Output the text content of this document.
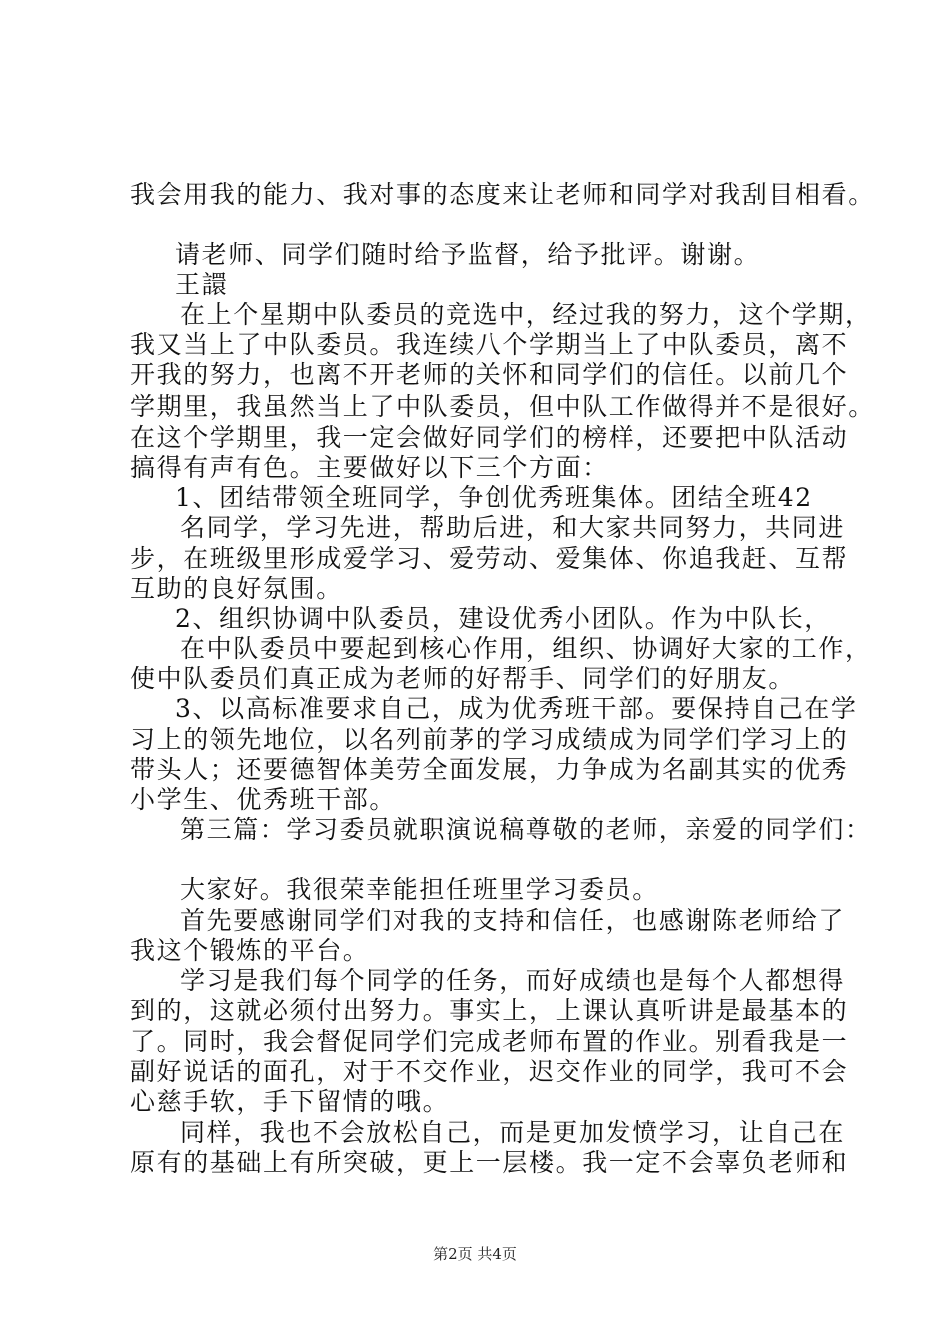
我会用我的能力、我对事的态度来让老师和同学对我刮目相看。
请老师、同学们随时给予监督，给予批评。谢谢。
王譞
在上个星期中队委员的竞选中，经过我的努力，这个学期，
我又当上了中队委员。我连续八个学期当上了中队委员，离不
开我的努力，也离不开老师的关怀和同学们的信任。以前几个
学期里，我虽然当上了中队委员，但中队工作做得并不是很好。
在这个学期里，我一定会做好同学们的榜样，还要把中队活动
搞得有声有色。主要做好以下三个方面：
1、团结带领全班同学，争创优秀班集体。团结全班42
名同学，学习先进，帮助后进，和大家共同努力，共同进
步，在班级里形成爱学习、爱劳动、爱集体、你追我赶、互帮
互助的良好氛围。
2、组织协调中队委员，建设优秀小团队。作为中队长，
在中队委员中要起到核心作用，组织、协调好大家的工作，
使中队委员们真正成为老师的好帮手、同学们的好朋友。
3、以高标准要求自己，成为优秀班干部。要保持自己在学
习上的领先地位，以名列前茅的学习成绩成为同学们学习上的
带头人；还要德智体美劳全面发展，力争成为名副其实的优秀
小学生、优秀班干部。
第三篇：学习委员就职演说稿尊敬的老师，亲爱的同学们：
大家好。我很荣幸能担任班里学习委员。
首先要感谢同学们对我的支持和信任，也感谢陈老师给了
我这个锻炼的平台。
学习是我们每个同学的任务，而好成绩也是每个人都想得
到的，这就必须付出努力。事实上，上课认真听讲是最基本的
了。同时，我会督促同学们完成老师布置的作业。别看我是一
副好说话的面孔，对于不交作业，迟交作业的同学，我可不会
心慈手软，手下留情的哦。
同样，我也不会放松自己，而是更加发愤学习，让自己在
原有的基础上有所突破，更上一层楼。我一定不会辜负老师和
第2页 共4页
